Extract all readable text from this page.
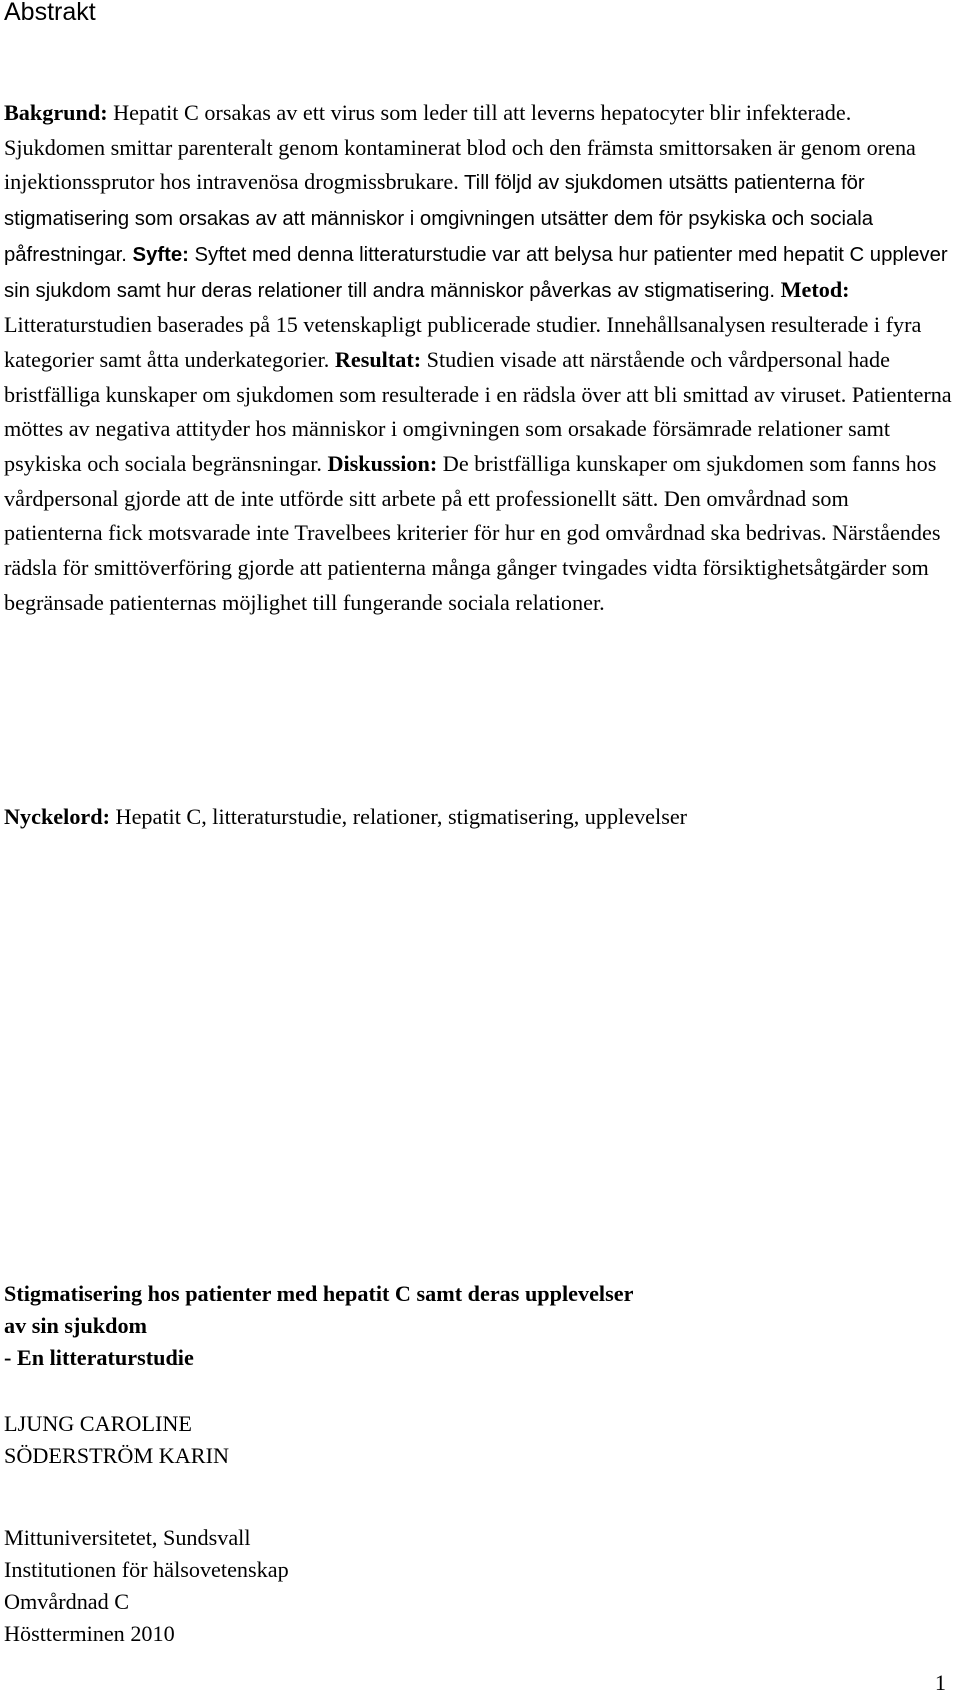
Abstrakt

Bakgrund: Hepatit C orsakas av ett virus som leder till att leverns hepatocyter blir infekterade. Sjukdomen smittar parenteralt genom kontaminerat blod och den främsta smittorsaken är genom orena injektionssprutor hos intravenösa drogmissbrukare. Till följd av sjukdomen utsätts patienterna för stigmatisering som orsakas av att människor i omgivningen utsätter dem för psykiska och sociala påfrestningar. Syfte: Syftet med denna litteraturstudie var att belysa hur patienter med hepatit C upplever sin sjukdom samt hur deras relationer till andra människor påverkas av stigmatisering. Metod: Litteraturstudien baserades på 15 vetenskapligt publicerade studier. Innehållsanalysen resulterade i fyra kategorier samt åtta underkategorier. Resultat: Studien visade att närstående och vårdpersonal hade bristfälliga kunskaper om sjukdomen som resulterade i en rädsla över att bli smittad av viruset. Patienterna möttes av negativa attityder hos människor i omgivningen som orsakade försämrade relationer samt psykiska och sociala begränsningar. Diskussion: De bristfälliga kunskaper om sjukdomen som fanns hos vårdpersonal gjorde att de inte utförde sitt arbete på ett professionellt sätt. Den omvårdnad som patienterna fick motsvarade inte Travelbees kriterier för hur en god omvårdnad ska bedrivas. Närståendes rädsla för smittöverföring gjorde att patienterna många gånger tvingades vidta försiktighetsåtgärder som begränsade patienternas möjlighet till fungerande sociala relationer.

Nyckelord: Hepatit C, litteraturstudie, relationer, stigmatisering, upplevelser

Stigmatisering hos patienter med hepatit C samt deras upplevelser
av sin sjukdom
- En litteraturstudie
LJUNG CAROLINE
SÖDERSTRÖM KARIN
Mittuniversitetet, Sundsvall
Institutionen för hälsovetenskap
Omvårdnad C
Höstterminen 2010
1
